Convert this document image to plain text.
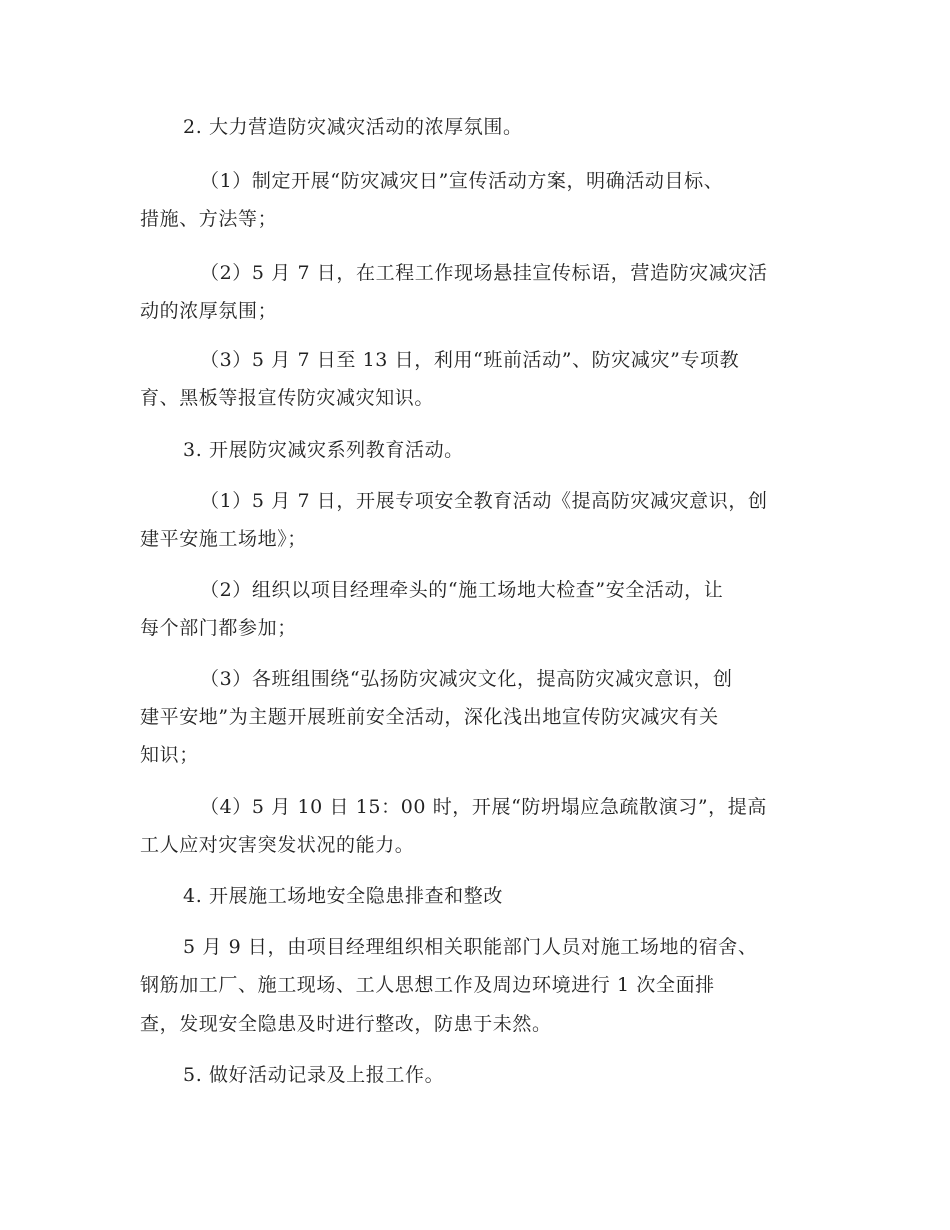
2. 大力营造防灾减灾活动的浓厚氛围。
（1）制定开展“防灾减灾日”宣传活动方案，明确活动目标、
措施、方法等；
（2）5 月 7 日，在工程工作现场悬挂宣传标语，营造防灾减灾活
动的浓厚氛围；
（3）5 月 7 日至 13 日，利用“班前活动”、防灾减灾”专项教
育、黑板等报宣传防灾减灾知识。
3. 开展防灾减灾系列教育活动。
（1）5 月 7 日，开展专项安全教育活动《提高防灾减灾意识，创
建平安施工场地》；
（2）组织以项目经理牵头的“施工场地大检查”安全活动，让
每个部门都参加；
（3）各班组围绕“弘扬防灾减灾文化，提高防灾减灾意识，创
建平安地”为主题开展班前安全活动，深化浅出地宣传防灾减灾有关
知识；
（4）5 月 10 日 15：00 时，开展“防坍塌应急疏散演习”，提高
工人应对灾害突发状况的能力。
4. 开展施工场地安全隐患排查和整改
5 月 9 日，由项目经理组织相关职能部门人员对施工场地的宿舍、
钢筋加工厂、施工现场、工人思想工作及周边环境进行 1 次全面排
查，发现安全隐患及时进行整改，防患于未然。
5. 做好活动记录及上报工作。
